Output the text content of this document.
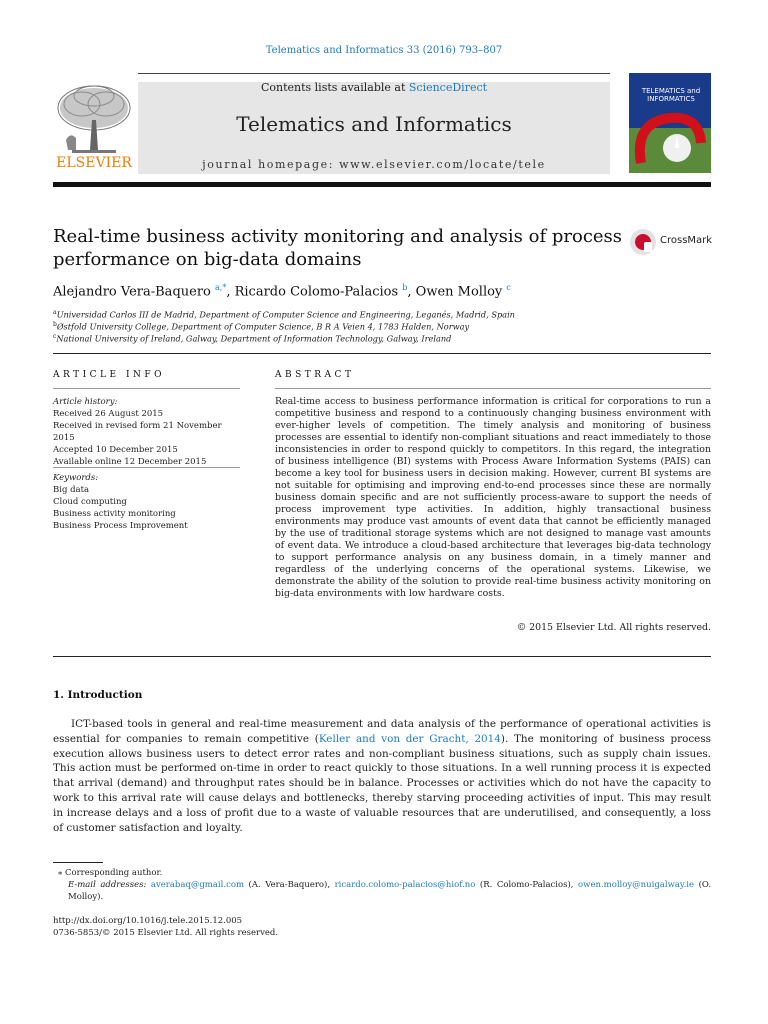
Telematics and Informatics 33 (2016) 793–807
Contents lists available at ScienceDirect
Telematics and Informatics
journal homepage: www.elsevier.com/locate/tele
ELSEVIER
TELEMATICS and INFORMATICS
Real-time business activity monitoring and analysis of process performance on big-data domains
CrossMark
Alejandro Vera-Baquero $^{a,*}$, Ricardo Colomo-Palacios $^b$, Owen Molloy $^c$
$^a$Universidad Carlos III de Madrid, Department of Computer Science and Engineering, Leganés, Madrid, Spain
$^b$Østfold University College, Department of Computer Science, B R A Veien 4, 1783 Halden, Norway
$^c$National University of Ireland, Galway, Department of Information Technology, Galway, Ireland
ARTICLE INFO
Article history:
Received 26 August 2015
Received in revised form 21 November 2015
Accepted 10 December 2015
Available online 12 December 2015
Keywords:
Big data
Cloud computing
Business activity monitoring
Business Process Improvement
ABSTRACT
Real-time access to business performance information is critical for corporations to run a competitive business and respond to a continuously changing business environment with ever-higher levels of competition. The timely analysis and monitoring of business processes are essential to identify non-compliant situations and react immediately to those inconsistencies in order to respond quickly to competitors. In this regard, the integration of business intelligence (BI) systems with Process Aware Information Systems (PAIS) can become a key tool for business users in decision making. However, current BI systems are not suitable for optimising and improving end-to-end processes since these are normally business domain specific and are not sufficiently process-aware to support the needs of process improvement type activities. In addition, highly transactional business environments may produce vast amounts of event data that cannot be efficiently managed by the use of traditional storage systems which are not designed to manage vast amounts of event data. We introduce a cloud-based architecture that leverages big-data technology to support performance analysis on any business domain, in a timely manner and regardless of the underlying concerns of the operational systems. Likewise, we demonstrate the ability of the solution to provide real-time business activity monitoring on big-data environments with low hardware costs.
© 2015 Elsevier Ltd. All rights reserved.
1. Introduction
ICT-based tools in general and real-time measurement and data analysis of the performance of operational activities is essential for companies to remain competitive (Keller and von der Gracht, 2014). The monitoring of business process execution allows business users to detect error rates and non-compliant business situations, such as supply chain issues. This action must be performed on-time in order to react quickly to those situations. In a well running process it is expected that arrival (demand) and throughput rates should be in balance. Processes or activities which do not have the capacity to work to this arrival rate will cause delays and bottlenecks, thereby starving proceeding activities of input. This may result in increase delays and a loss of profit due to a waste of valuable resources that are underutilised, and consequently, a loss of customer satisfaction and loyalty.
⁎ Corresponding author.
E-mail addresses: averabaq@gmail.com (A. Vera-Baquero), ricardo.colomo-palacios@hiof.no (R. Colomo-Palacios), owen.molloy@nuigalway.ie (O. Molloy).
http://dx.doi.org/10.1016/j.tele.2015.12.005
0736-5853/© 2015 Elsevier Ltd. All rights reserved.
